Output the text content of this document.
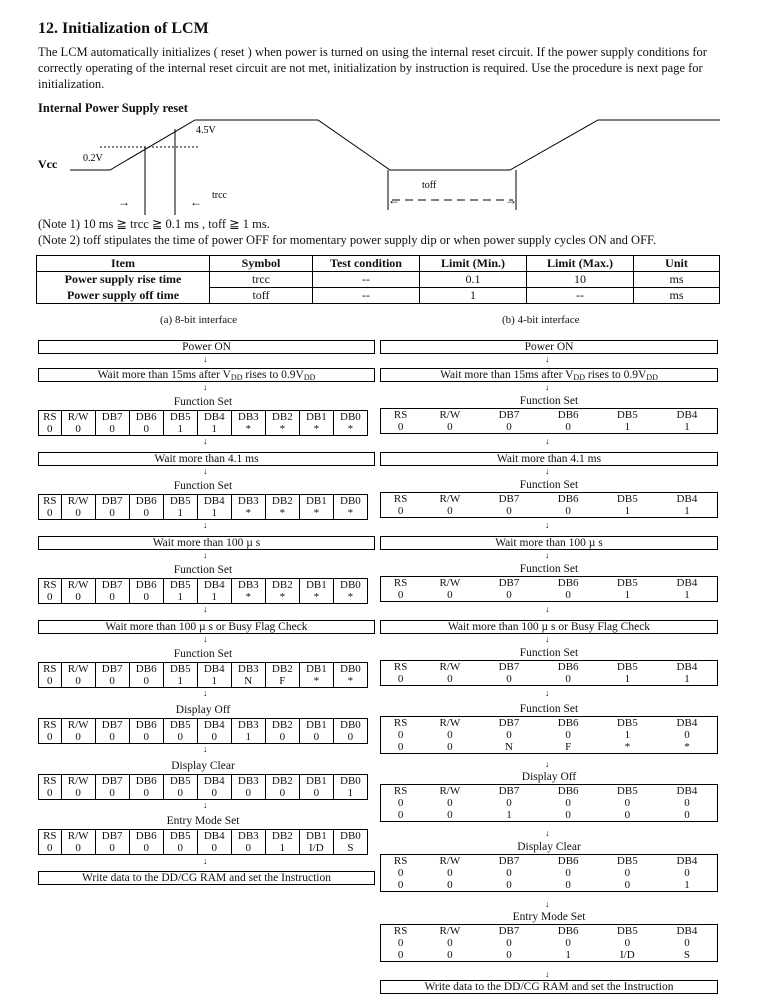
12. Initialization of LCM

The LCM automatically initializes ( reset ) when power is turned on using the internal reset circuit. If the power supply conditions for correctly operating of the internal reset circuit are not met, initialization by instruction is required. Use the procedure is next page for initialization.

Internal Power Supply reset

Vcc	0.2V
4.5V
→	← trcc
toff
←	→
(Note 1) 10 ms ≧ trcc ≧ 0.1 ms , toff ≧ 1 ms.
(Note 2) toff stipulates the time of power OFF for momentary power supply dip or when power supply cycles ON and OFF.
Item	Symbol	Test condition	Limit (Min.)	Limit (Max.)	Unit
Power supply rise time	trcc	--	0.1	10	ms
Power supply off time	toff	--	1	--	ms
(a) 8-bit interface	(b) 4-bit interface
Power ON
↓
Wait more than 15ms after $V_{DD}$ rises to $0.9V_{DD}$
↓
Function Set
RS	R/W	DB7	DB6	DB5	DB4	DB3	DB2	DB1	DB0
0	0	0	0	1	1	*	*	*	*
↓
Wait more than 4.1 ms
↓
Function Set
RS	R/W	DB7	DB6	DB5	DB4	DB3	DB2	DB1	DB0
0	0	0	0	1	1	*	*	*	*
↓
Wait more than 100 µ s
↓
Function Set
RS	R/W	DB7	DB6	DB5	DB4	DB3	DB2	DB1	DB0
0	0	0	0	1	1	*	*	*	*
↓
Wait more than 100 µ s or Busy Flag Check
↓
Function Set
RS	R/W	DB7	DB6	DB5	DB4	DB3	DB2	DB1	DB0
0	0	0	0	1	1	N	F	*	*
↓
Display Off
RS	R/W	DB7	DB6	DB5	DB4	DB3	DB2	DB1	DB0
0	0	0	0	0	0	1	0	0	0
↓
Display Clear
RS	R/W	DB7	DB6	DB5	DB4	DB3	DB2	DB1	DB0
0	0	0	0	0	0	0	0	0	1
↓
Entry Mode Set
RS	R/W	DB7	DB6	DB5	DB4	DB3	DB2	DB1	DB0
0	0	0	0	0	0	0	1	I/D	S
↓
Write data to the DD/CG RAM and set the Instruction
Power ON
↓
Wait more than 15ms after $V_{DD}$ rises to $0.9V_{DD}$
↓
Function Set
RS	R/W	DB7	DB6	DB5	DB4
0	0	0	0	1	1
↓
Wait more than 4.1 ms
↓
Function Set
RS	R/W	DB7	DB6	DB5	DB4
0	0	0	0	1	1
↓
Wait more than 100 µ s
↓
Function Set
RS	R/W	DB7	DB6	DB5	DB4
0	0	0	0	1	1
↓
Wait more than 100 µ s or Busy Flag Check
↓
Function Set
RS	R/W	DB7	DB6	DB5	DB4
0	0	0	0	1	1
↓
Function Set
RS	R/W	DB7	DB6	DB5	DB4
0	0	0	0	1	0
0	0	N	F	*	*
↓
Display Off
RS	R/W	DB7	DB6	DB5	DB4
0	0	0	0	0	0
0	0	1	0	0	0
↓
Display Clear
RS	R/W	DB7	DB6	DB5	DB4
0	0	0	0	0	0
0	0	0	0	0	1
↓
Entry Mode Set
RS	R/W	DB7	DB6	DB5	DB4
0	0	0	0	0	0
0	0	0	1	I/D	S
↓
Write data to the DD/CG RAM and set the Instruction
